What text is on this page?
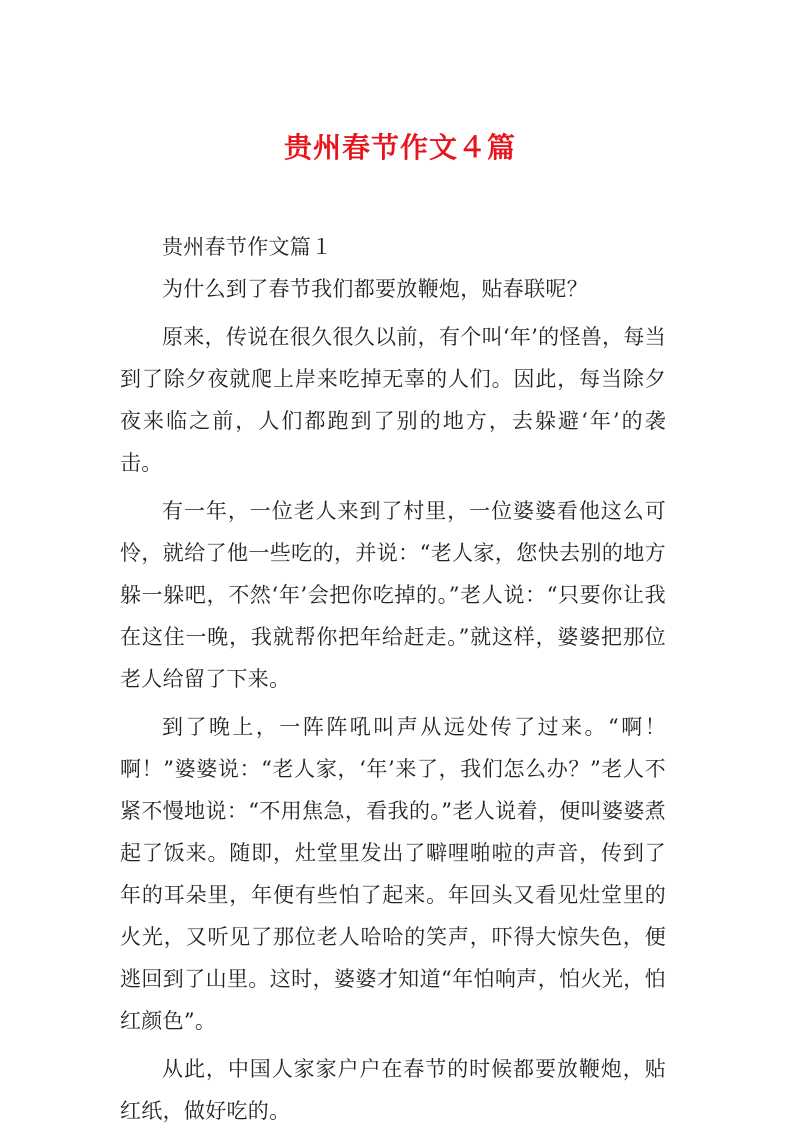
贵州春节作文４篇

贵州春节作文篇１

为什么到了春节我们都要放鞭炮，贴春联呢？

原来，传说在很久很久以前，有个叫‘年’的怪兽，每当到了除夕夜就爬上岸来吃掉无辜的人们。因此，每当除夕夜来临之前，人们都跑到了别的地方，去躲避‘年’的袭击。

有一年，一位老人来到了村里，一位婆婆看他这么可怜，就给了他一些吃的，并说：“老人家，您快去别的地方躲一躲吧，不然‘年’会把你吃掉的。”老人说：“只要你让我在这住一晚，我就帮你把年给赶走。”就这样，婆婆把那位老人给留了下来。

到了晚上，一阵阵吼叫声从远处传了过来。“啊！啊！”婆婆说：“老人家，‘年’来了，我们怎么办？”老人不紧不慢地说：“不用焦急，看我的。”老人说着，便叫婆婆煮起了饭来。随即，灶堂里发出了噼哩啪啦的声音，传到了年的耳朵里，年便有些怕了起来。年回头又看见灶堂里的火光，又听见了那位老人哈哈的笑声，吓得大惊失色，便逃回到了山里。这时，婆婆才知道“年怕响声，怕火光，怕红颜色”。

从此，中国人家家户户在春节的时候都要放鞭炮，贴红纸，做好吃的。
